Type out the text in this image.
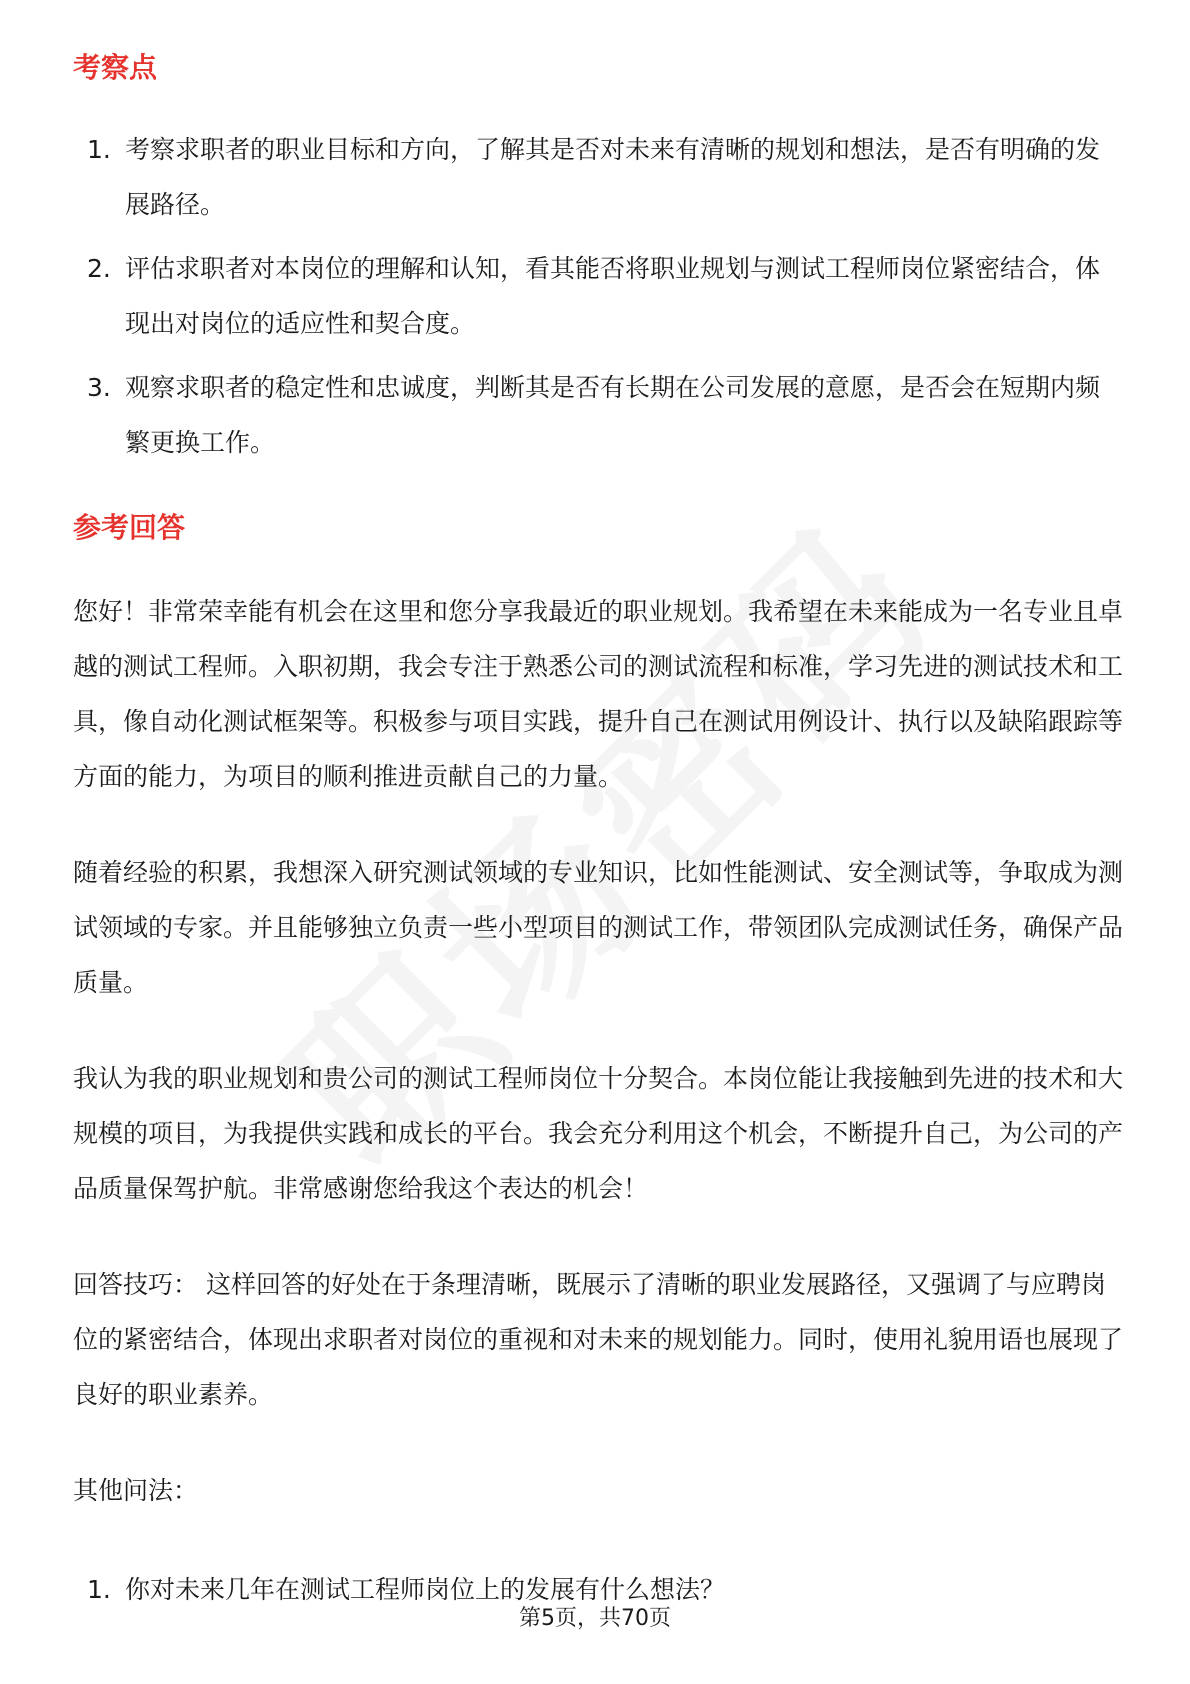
考察点
1. 考察求职者的职业目标和方向，了解其是否对未来有清晰的规划和想法，是否有明确的发展路径。
2. 评估求职者对本岗位的理解和认知，看其能否将职业规划与测试工程师岗位紧密结合，体现出对岗位的适应性和契合度。
3. 观察求职者的稳定性和忠诚度，判断其是否有长期在公司发展的意愿，是否会在短期内频繁更换工作。
参考回答

您好！非常荣幸能有机会在这里和您分享我最近的职业规划。我希望在未来能成为一名专业且卓越的测试工程师。入职初期，我会专注于熟悉公司的测试流程和标准，学习先进的测试技术和工具，像自动化测试框架等。积极参与项目实践，提升自己在测试用例设计、执行以及缺陷跟踪等方面的能力，为项目的顺利推进贡献自己的力量。

随着经验的积累，我想深入研究测试领域的专业知识，比如性能测试、安全测试等，争取成为测试领域的专家。并且能够独立负责一些小型项目的测试工作，带领团队完成测试任务，确保产品质量。

我认为我的职业规划和贵公司的测试工程师岗位十分契合。本岗位能让我接触到先进的技术和大规模的项目，为我提供实践和成长的平台。我会充分利用这个机会，不断提升自己，为公司的产品质量保驾护航。非常感谢您给我这个表达的机会！

回答技巧： 这样回答的好处在于条理清晰，既展示了清晰的职业发展路径，又强调了与应聘岗位的紧密结合，体现出求职者对岗位的重视和对未来的规划能力。同时，使用礼貌用语也展现了良好的职业素养。

其他问法：

1. 你对未来几年在测试工程师岗位上的发展有什么想法？
第5页，共70页
